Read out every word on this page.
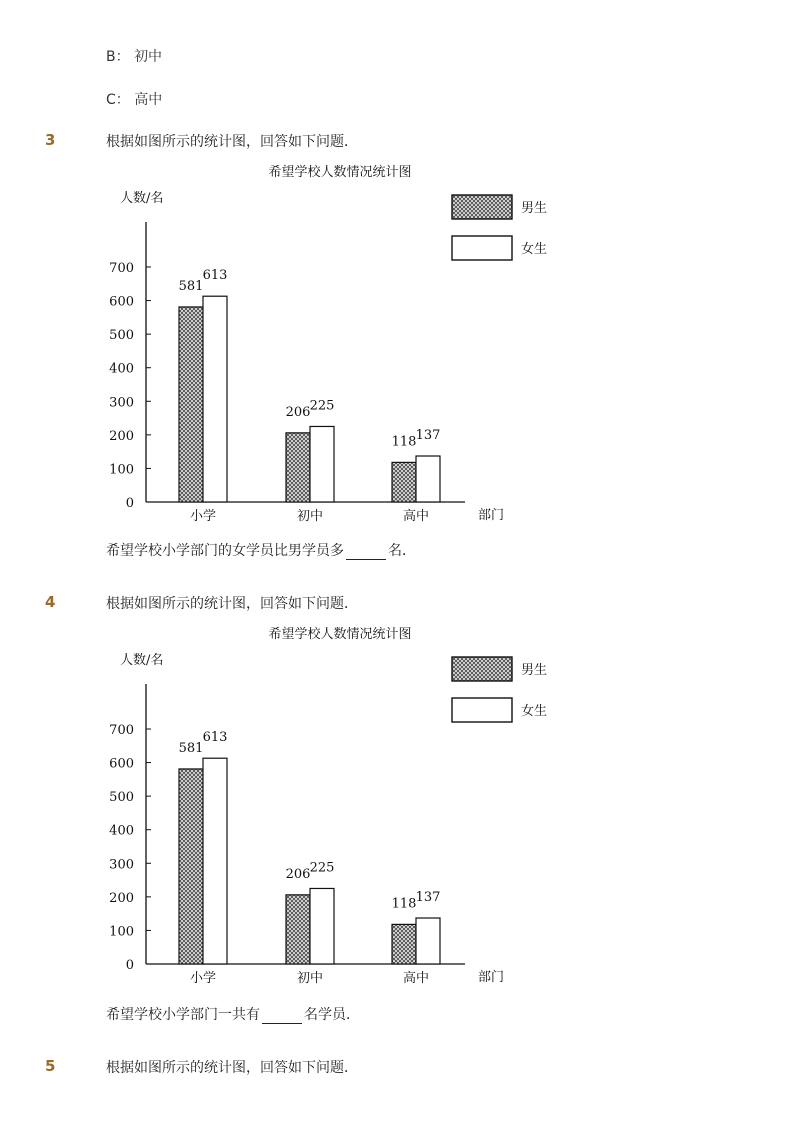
B： 初中
C： 高中
3	根据如图所示的统计图，回答如下问题．
希望学校人数情况统计图
人数/名
0
100
200
300
400
500
600
700
581
613
小学
206 225
初中
118 137
高中	部门
男生
女生
希望学校小学部门的女学员比男学员多	名．
4	根据如图所示的统计图，回答如下问题．
希望学校人数情况统计图
人数/名
0
100
200
300
400
500
600
700
581
613
小学
206 225
初中
118 137
高中	部门
男生
女生
希望学校小学部门一共有	名学员．
5	根据如图所示的统计图，回答如下问题．
